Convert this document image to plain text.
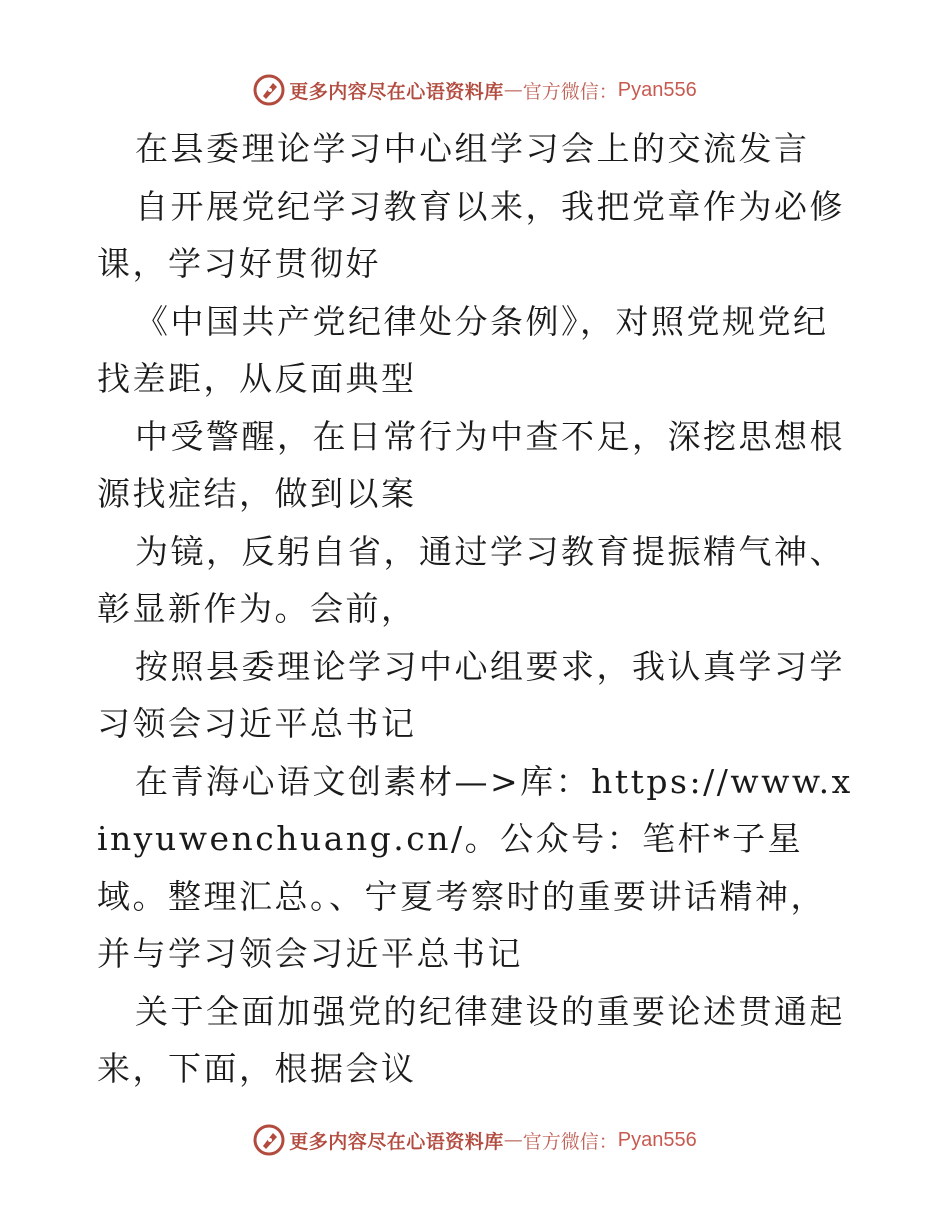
更多内容尽在心语资料库 — 官方微信： Pyan556

在县委理论学习中心组学习会上的交流发言

自开展党纪学习教育以来，我把党章作为必修课，学习好贯彻好

《中国共产党纪律处分条例》，对照党规党纪找差距，从反面典型

中受警醒，在日常行为中查不足，深挖思想根源找症结，做到以案

为镜，反躬自省，通过学习教育提振精气神、彰显新作为。会前，

按照县委理论学习中心组要求，我认真学习学习领会习近平总书记

在青海心语文创素材—>库：https://www.xinyuwenchuang.cn/。公众号：笔杆*子星域。整理汇总。、宁夏考察时的重要讲话精神，并与学习领会习近平总书记

关于全面加强党的纪律建设的重要论述贯通起来，下面，根据会议

更多内容尽在心语资料库 — 官方微信： Pyan556
